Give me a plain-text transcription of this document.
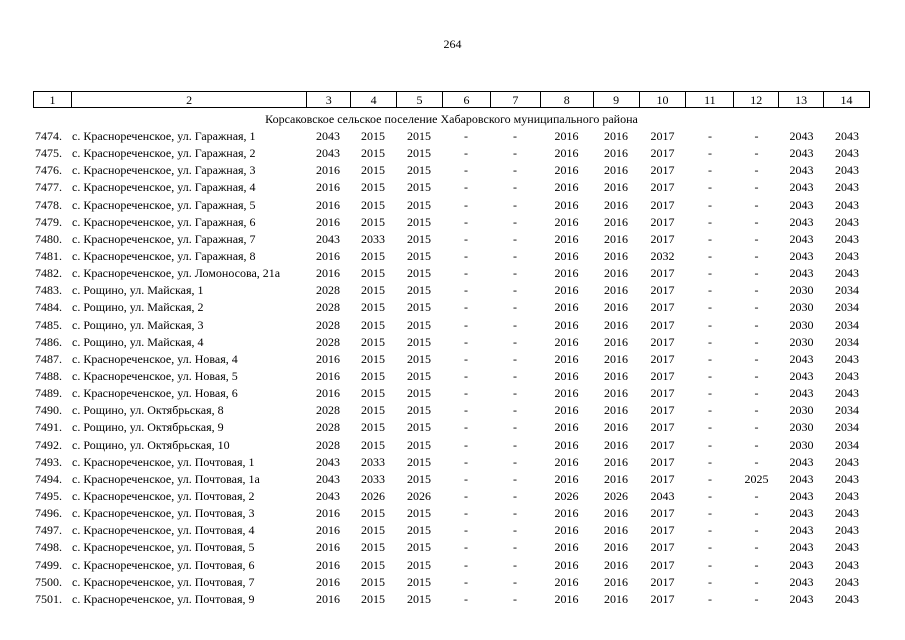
264
1	2	3	4	5	6	7	8	9	10	11	12	13	14
Корсаковское сельское поселение Хабаровского муниципального района
7474. с. Краснореченское, ул. Гаражная, 1	2043	2015	2015	-	-	2016	2016	2017	-	-	2043	2043
7475. с. Краснореченское, ул. Гаражная, 2	2043	2015	2015	-	-	2016	2016	2017	-	-	2043	2043
7476. с. Краснореченское, ул. Гаражная, 3	2016	2015	2015	-	-	2016	2016	2017	-	-	2043	2043
7477. с. Краснореченское, ул. Гаражная, 4	2016	2015	2015	-	-	2016	2016	2017	-	-	2043	2043
7478. с. Краснореченское, ул. Гаражная, 5	2016	2015	2015	-	-	2016	2016	2017	-	-	2043	2043
7479. с. Краснореченское, ул. Гаражная, 6	2016	2015	2015	-	-	2016	2016	2017	-	-	2043	2043
7480. с. Краснореченское, ул. Гаражная, 7	2043	2033	2015	-	-	2016	2016	2017	-	-	2043	2043
7481. с. Краснореченское, ул. Гаражная, 8	2016	2015	2015	-	-	2016	2016	2032	-	-	2043	2043
7482. с. Краснореченское, ул. Ломоносова, 21а	2016	2015	2015	-	-	2016	2016	2017	-	-	2043	2043
7483. с. Рощино, ул. Майская, 1	2028	2015	2015	-	-	2016	2016	2017	-	-	2030	2034
7484. с. Рощино, ул. Майская, 2	2028	2015	2015	-	-	2016	2016	2017	-	-	2030	2034
7485. с. Рощино, ул. Майская, 3	2028	2015	2015	-	-	2016	2016	2017	-	-	2030	2034
7486. с. Рощино, ул. Майская, 4	2028	2015	2015	-	-	2016	2016	2017	-	-	2030	2034
7487. с. Краснореченское, ул. Новая, 4	2016	2015	2015	-	-	2016	2016	2017	-	-	2043	2043
7488. с. Краснореченское, ул. Новая, 5	2016	2015	2015	-	-	2016	2016	2017	-	-	2043	2043
7489. с. Краснореченское, ул. Новая, 6	2016	2015	2015	-	-	2016	2016	2017	-	-	2043	2043
7490. с. Рощино, ул. Октябрьская, 8	2028	2015	2015	-	-	2016	2016	2017	-	-	2030	2034
7491. с. Рощино, ул. Октябрьская, 9	2028	2015	2015	-	-	2016	2016	2017	-	-	2030	2034
7492. с. Рощино, ул. Октябрьская, 10	2028	2015	2015	-	-	2016	2016	2017	-	-	2030	2034
7493. с. Краснореченское, ул. Почтовая, 1	2043	2033	2015	-	-	2016	2016	2017	-	-	2043	2043
7494. с. Краснореченское, ул. Почтовая, 1а	2043	2033	2015	-	-	2016	2016	2017	-	2025	2043	2043
7495. с. Краснореченское, ул. Почтовая, 2	2043	2026	2026	-	-	2026	2026	2043	-	-	2043	2043
7496. с. Краснореченское, ул. Почтовая, 3	2016	2015	2015	-	-	2016	2016	2017	-	-	2043	2043
7497. с. Краснореченское, ул. Почтовая, 4	2016	2015	2015	-	-	2016	2016	2017	-	-	2043	2043
7498. с. Краснореченское, ул. Почтовая, 5	2016	2015	2015	-	-	2016	2016	2017	-	-	2043	2043
7499. с. Краснореченское, ул. Почтовая, 6	2016	2015	2015	-	-	2016	2016	2017	-	-	2043	2043
7500. с. Краснореченское, ул. Почтовая, 7	2016	2015	2015	-	-	2016	2016	2017	-	-	2043	2043
7501. с. Краснореченское, ул. Почтовая, 9	2016	2015	2015	-	-	2016	2016	2017	-	-	2043	2043
